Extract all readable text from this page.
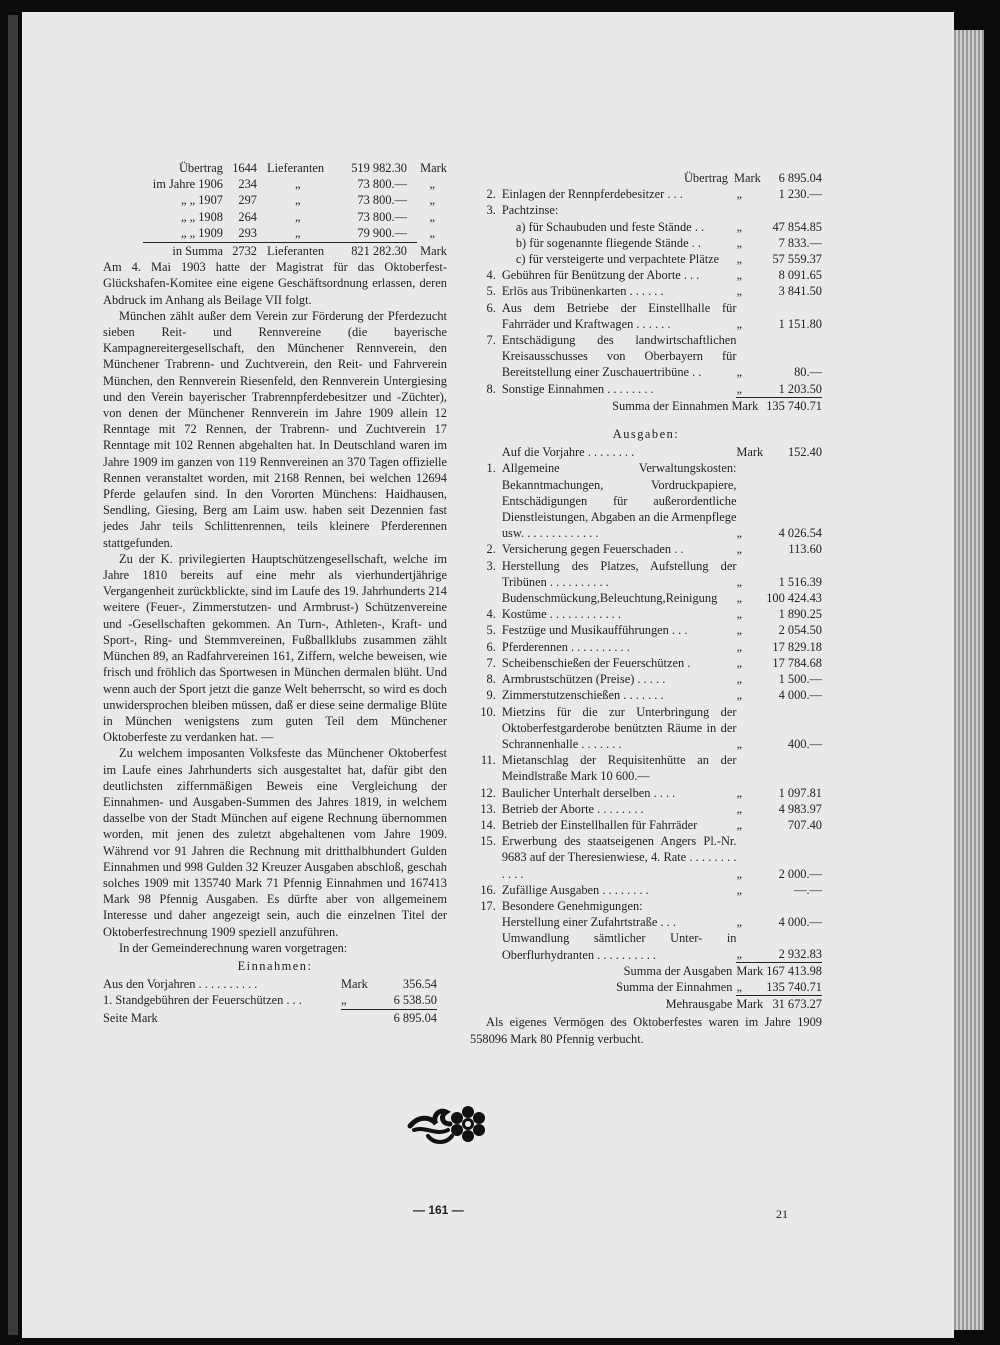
Übertrag 1644 Lieferanten	519 982.30	Mark
im Jahre 1906	234	„	73 800.—	„
„ „ 1907	297	„	73 800.—	„
„ „ 1908	264	„	73 800.—	„
„ „ 1909	293	„	79 900.—	„
in Summa 2732 Lieferanten	821 282.30	Mark

Am 4. Mai 1903 hatte der Magistrat für das Oktoberfest-Glückshafen-Komitee eine eigene Geschäftsordnung erlassen, deren Abdruck im Anhang als Beilage VII folgt.

München zählt außer dem Verein zur Förderung der Pferdezucht sieben Reit- und Rennvereine (die bayerische Kampagnereitergesellschaft, den Münchener Rennverein, den Münchener Trabrenn- und Zuchtverein, den Reit- und Fahrverein München, den Rennverein Riesenfeld, den Rennverein Untergiesing und den Verein bayerischer Trabrennpferdebesitzer und -Züchter), von denen der Münchener Rennverein im Jahre 1909 allein 12 Renntage mit 72 Rennen, der Trabrenn- und Zuchtverein 17 Renntage mit 102 Rennen abgehalten hat. In Deutschland waren im Jahre 1909 im ganzen von 119 Rennvereinen an 370 Tagen offizielle Rennen veranstaltet worden, mit 2168 Rennen, bei welchen 12694 Pferde gelaufen sind. In den Vororten Münchens: Haidhausen, Sendling, Giesing, Berg am Laim usw. haben seit Dezennien fast jedes Jahr teils Schlittenrennen, teils kleinere Pferderennen stattgefunden.

Zu der K. privilegierten Hauptschützengesellschaft, welche im Jahre 1810 bereits auf eine mehr als vierhundertjährige Vergangenheit zurückblickte, sind im Laufe des 19. Jahrhunderts 214 weitere (Feuer-, Zimmerstutzen- und Armbrust-) Schützenvereine und -Gesellschaften gekommen. An Turn-, Athleten-, Kraft- und Sport-, Ring- und Stemmvereinen, Fußballklubs zusammen zählt München 89, an Radfahrvereinen 161, Ziffern, welche beweisen, wie frisch und fröhlich das Sportwesen in München dermalen blüht. Und wenn auch der Sport jetzt die ganze Welt beherrscht, so wird es doch unwidersprochen bleiben müssen, daß er diese seine dermalige Blüte in München wenigstens zum guten Teil dem Münchener Oktoberfeste zu verdanken hat. —

Zu welchem imposanten Volksfeste das Münchener Oktoberfest im Laufe eines Jahrhunderts sich ausgestaltet hat, dafür gibt den deutlichsten ziffernmäßigen Beweis eine Vergleichung der Einnahmen- und Ausgaben-Summen des Jahres 1819, in welchem dasselbe von der Stadt München auf eigene Rechnung übernommen worden, mit jenen des zuletzt abgehaltenen vom Jahre 1909. Während vor 91 Jahren die Rechnung mit dritthalbhundert Gulden Einnahmen und 998 Gulden 32 Kreuzer Ausgaben abschloß, geschah solches 1909 mit 135740 Mark 71 Pfennig Einnahmen und 167413 Mark 98 Pfennig Ausgaben. Es dürfte aber von allgemeinem Interesse und daher angezeigt sein, auch die einzelnen Titel der Oktoberfestrechnung 1909 speziell anzuführen.

In der Gemeinderechnung waren vorgetragen:

Einnahmen:
Aus den Vorjahren . . . . . . . . . .	Mark	356.54
1. Standgebühren der Feuerschützen . . .	„	6 538.50
Seite Mark	6 895.04
Übertrag Mark	6 895.04
2. Einlagen der Rennpferdebesitzer . . .	„	1 230.—
3. Pachtzinse:
a) für Schaubuden und feste Stände . .	„	47 854.85
b) für sogenannte fliegende Stände . .	„	7 833.—
c) für versteigerte und verpachtete Plätze	„	57 559.37
4. Gebühren für Benützung der Aborte . . .	„	8 091.65
5. Erlös aus Tribünenkarten . . . . . .	„	3 841.50
6. Aus dem Betriebe der Einstellhalle für Fahrräder und Kraftwagen . . . . . .	„	1 151.80
7. Entschädigung des landwirtschaftlichen Kreisausschusses von Oberbayern für Bereitstellung einer Zuschauertribüne . .	„	80.—
8. Sonstige Einnahmen . . . . . . . .	„	1 203.50
Summa der Einnahmen Mark 135 740.71
Ausgaben:
Auf die Vorjahre . . . . . . . .	Mark	152.40
1. Allgemeine Verwaltungskosten: Bekanntmachungen, Vordruckpapiere, Entschädigungen für außerordentliche Dienstleistungen, Abgaben an die Armenpflege usw. . . . . . . . . . . . .	„	4 026.54
2. Versicherung gegen Feuerschaden . .	„	113.60
3. Herstellung des Platzes, Aufstellung der Tribünen . . . . . . . . . .	„	1 516.39
Budenschmückung,Beleuchtung,Reinigung	„	100 424.43
4. Kostüme . . . . . . . . . . . .	„	1 890.25
5. Festzüge und Musikaufführungen . . .	„	2 054.50
6. Pferderennen . . . . . . . . . .	„	17 829.18
7. Scheibenschießen der Feuerschützen .	„	17 784.68
8. Armbrustschützen (Preise) . . . . .	„	1 500.—
9. Zimmerstutzenschießen . . . . . . .	„	4 000.—
10. Mietzins für die zur Unterbringung der Oktoberfestgarderobe benützten Räume in der Schrannenhalle . . . . . . .	„	400.—
11. Mietanschlag der Requisitenhütte an der Meindlstraße Mark 10 600.—
12. Baulicher Unterhalt derselben . . . .	„	1 097.81
13. Betrieb der Aborte . . . . . . . .	„	4 983.97
14. Betrieb der Einstellhallen für Fahrräder	„	707.40
15. Erwerbung des staatseigenen Angers Pl.-Nr. 9683 auf der Theresienwiese, 4. Rate . . . . . . . . . . . .	„	2 000.—
16. Zufällige Ausgaben . . . . . . . .	„	—.—
17. Besondere Genehmigungen:
Herstellung einer Zufahrtstraße . . .	„	4 000.—
Umwandlung sämtlicher Unter- in Oberflurhydranten . . . . . . . . . .	„	2 932.83
Summa der Ausgaben Mark 167 413.98
Summa der Einnahmen „	135 740.71
Mehrausgabe Mark 31 673.27

Als eigenes Vermögen des Oktoberfestes waren im Jahre 1909 558096 Mark 80 Pfennig verbucht.

— 161 —	21
